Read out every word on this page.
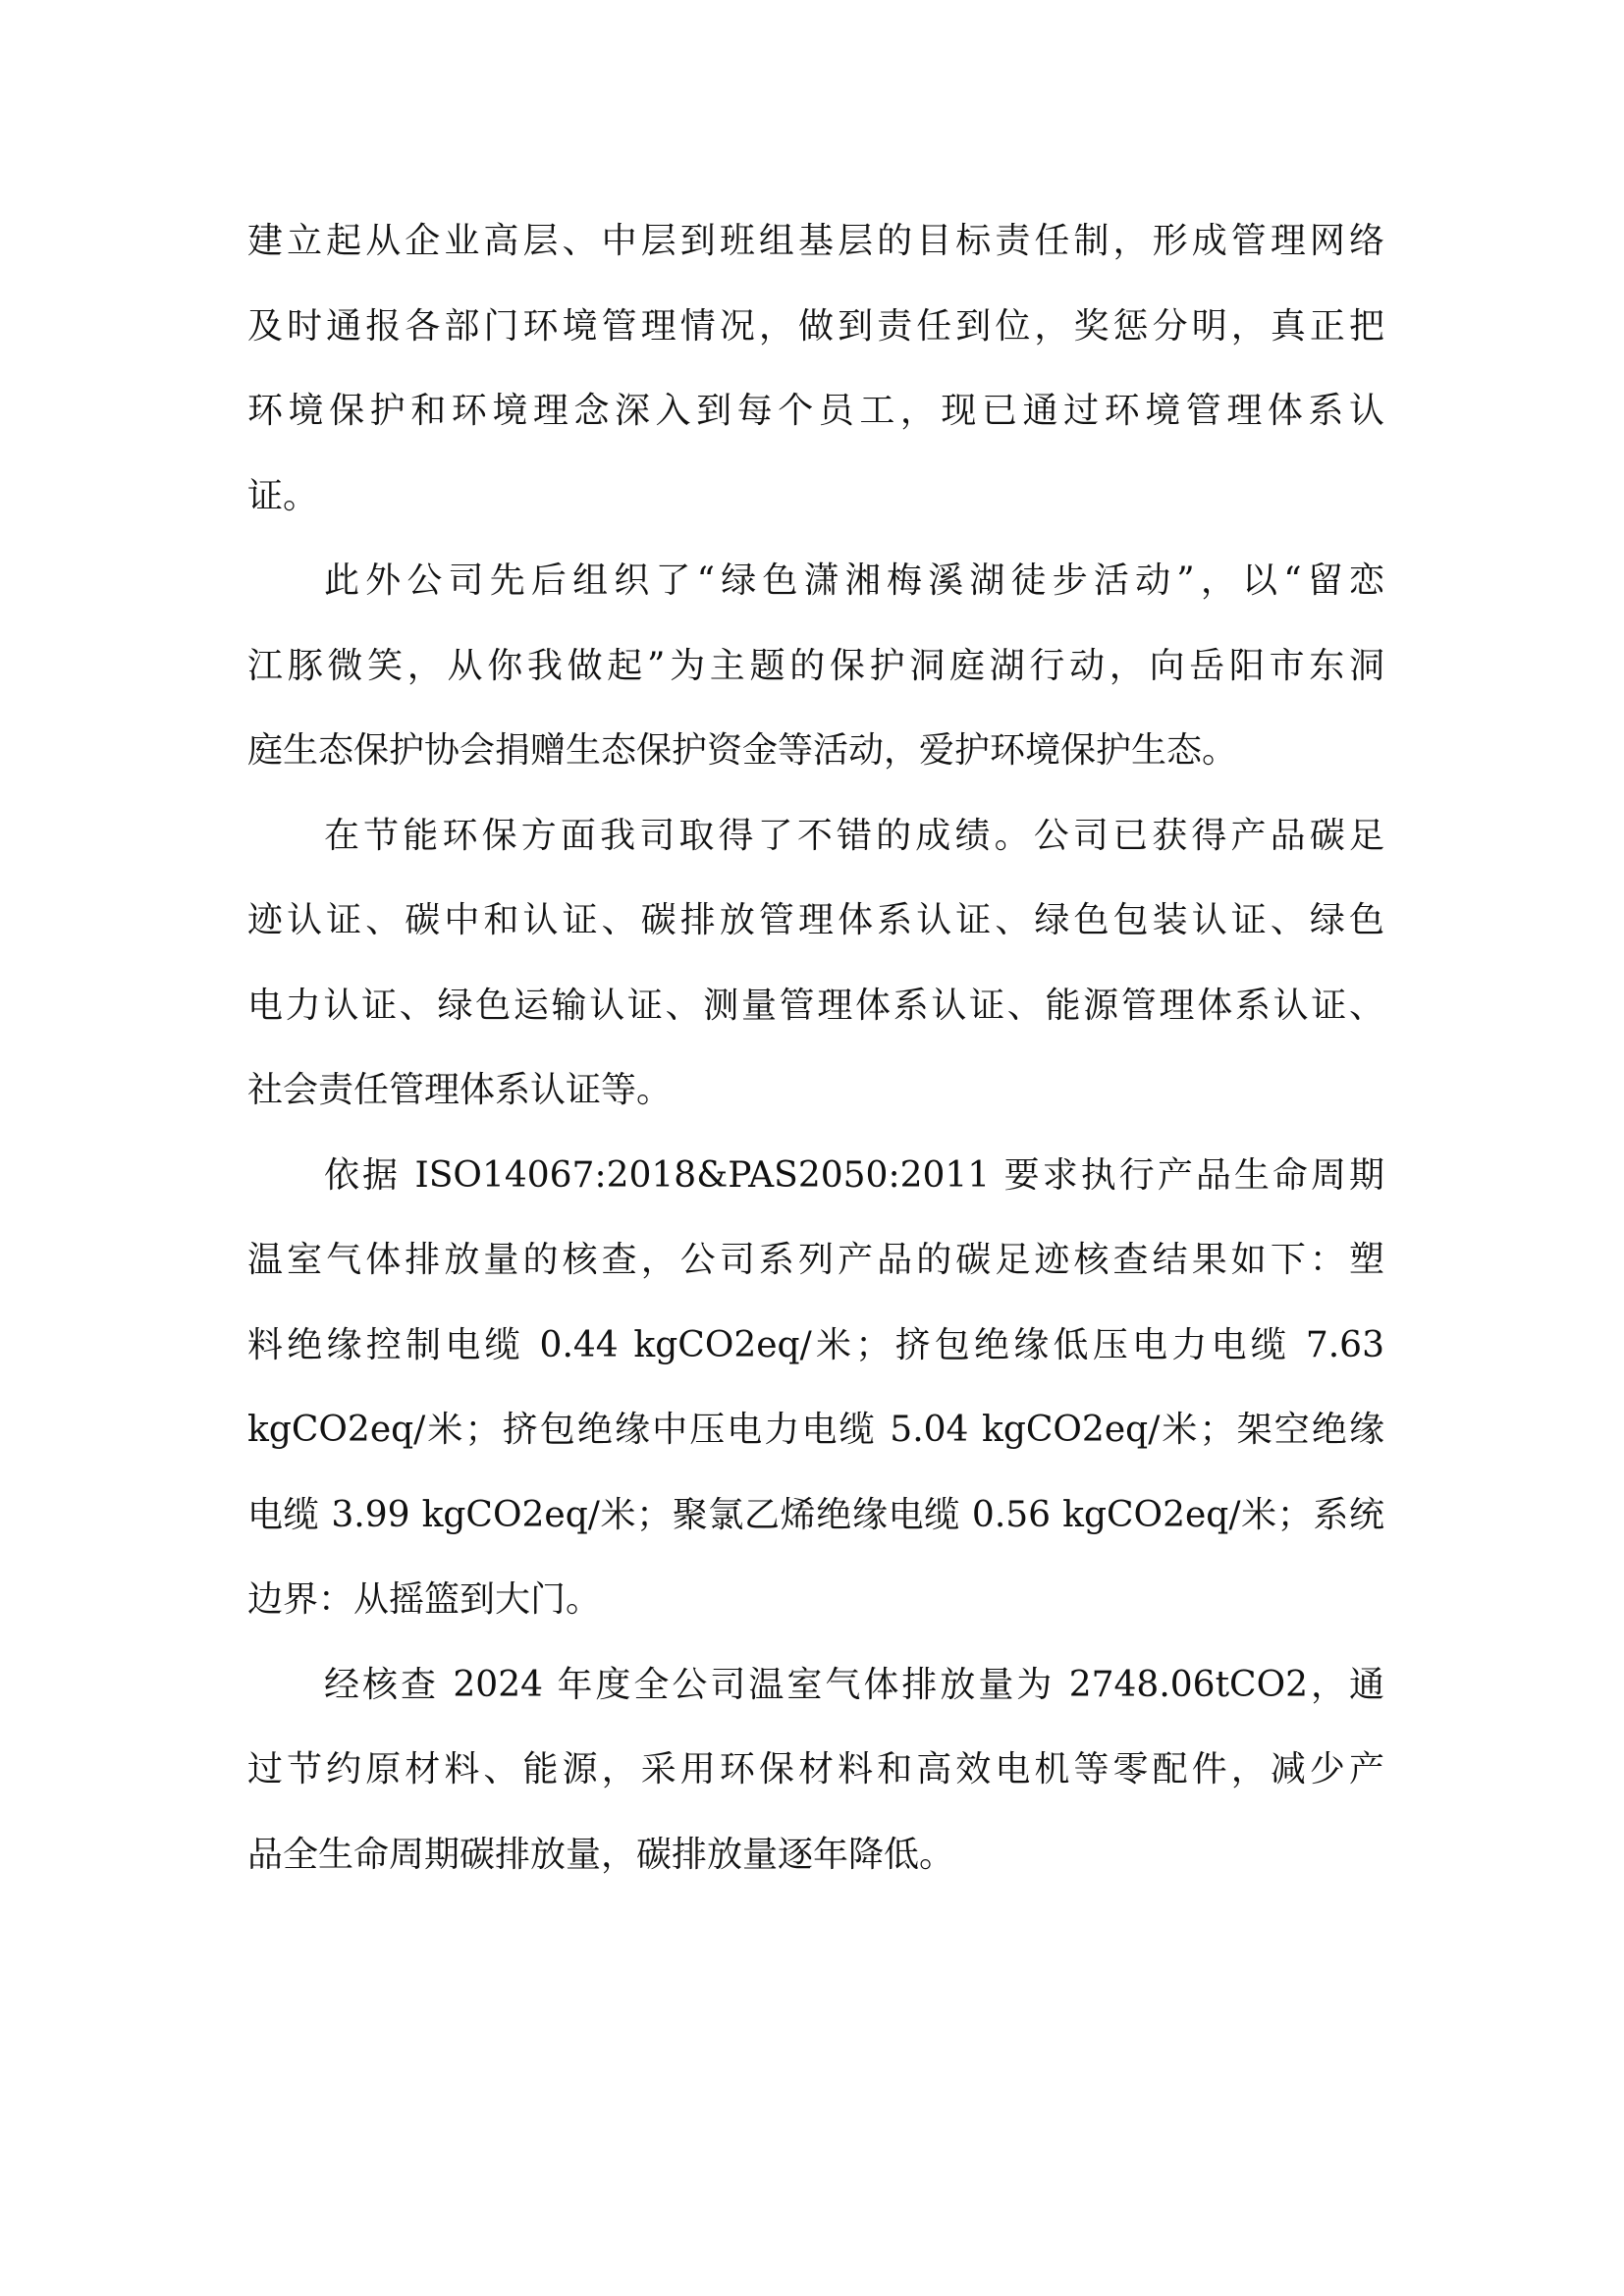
建立起从企业高层、中层到班组基层的目标责任制，形成管理网络
及时通报各部门环境管理情况，做到责任到位，奖惩分明，真正把
环境保护和环境理念深入到每个员工，现已通过环境管理体系认
证。
此外公司先后组织了“绿色潇湘梅溪湖徒步活动”，以“留恋
江豚微笑，从你我做起”为主题的保护洞庭湖行动，向岳阳市东洞
庭生态保护协会捐赠生态保护资金等活动，爱护环境保护生态。
在节能环保方面我司取得了不错的成绩。公司已获得产品碳足
迹认证、碳中和认证、碳排放管理体系认证、绿色包装认证、绿色
电力认证、绿色运输认证、测量管理体系认证、能源管理体系认证、
社会责任管理体系认证等。
依据 ISO14067:2018&PAS2050:2011 要求执行产品生命周期
温室气体排放量的核查，公司系列产品的碳足迹核查结果如下：塑
料绝缘控制电缆 0.44 kgCO2eq/米；挤包绝缘低压电力电缆 7.63
kgCO2eq/米；挤包绝缘中压电力电缆 5.04 kgCO2eq/米；架空绝缘
电缆 3.99 kgCO2eq/米；聚氯乙烯绝缘电缆 0.56 kgCO2eq/米；系统
边界：从摇篮到大门。
经核查 2024 年度全公司温室气体排放量为 2748.06tCO2，通
过节约原材料、能源，采用环保材料和高效电机等零配件，减少产
品全生命周期碳排放量，碳排放量逐年降低。
